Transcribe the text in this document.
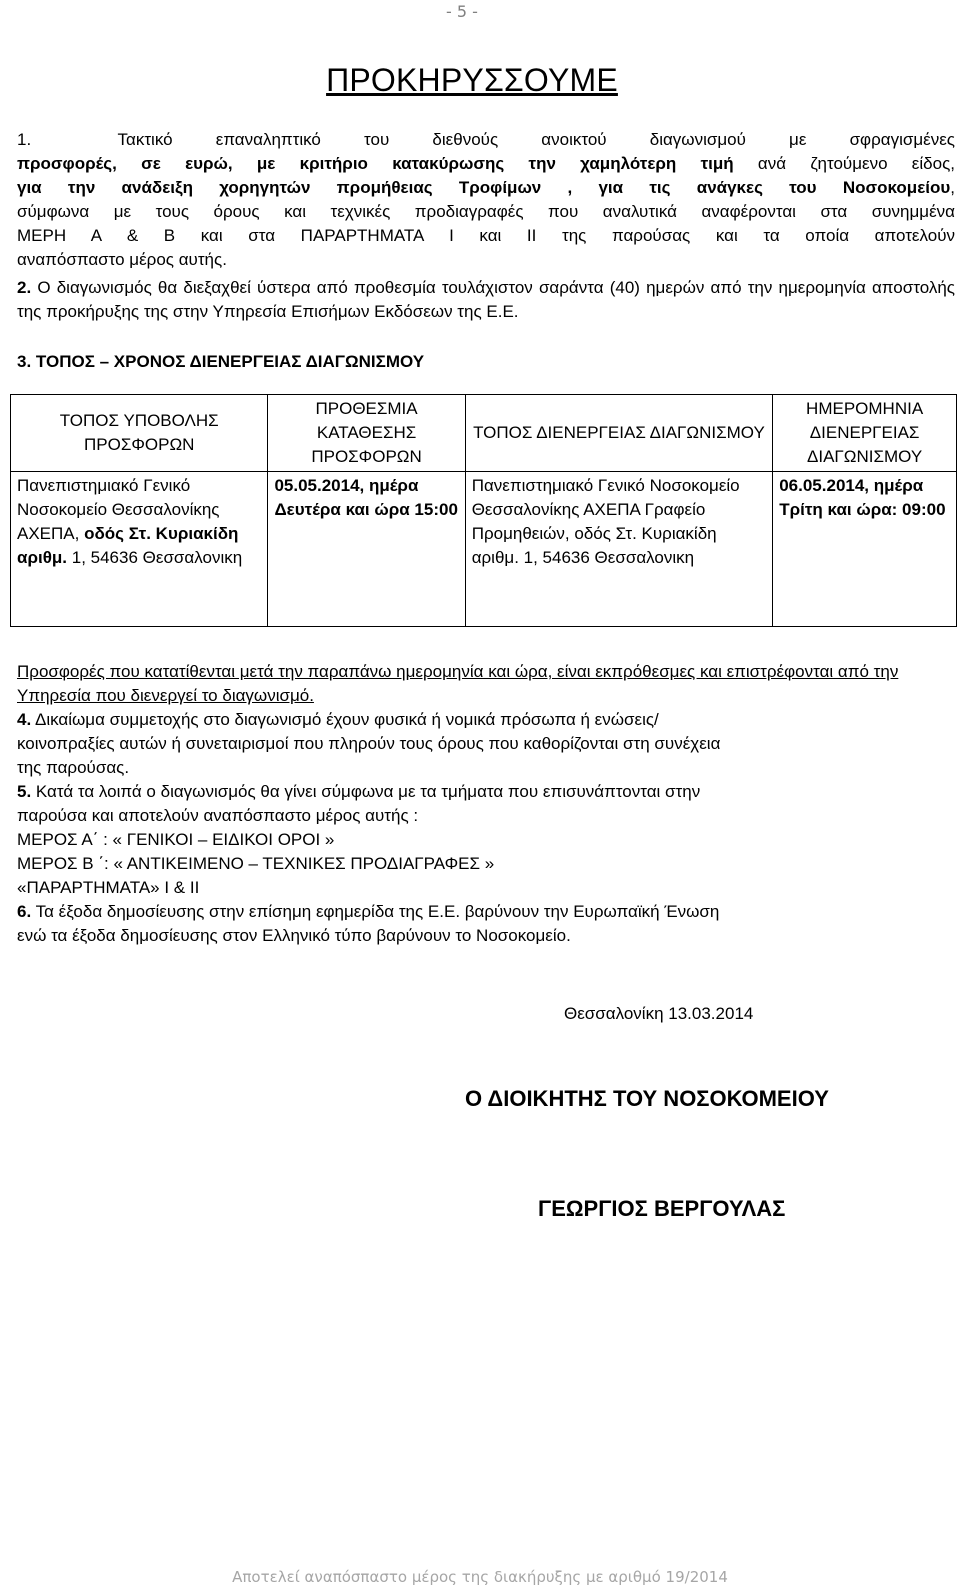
- 5 -
ΠΡΟΚΗΡΥΣΣΟΥΜΕ
1.	Τακτικό επαναληπτικό του διεθνούς ανοικτού διαγωνισμού με σφραγισμένες
προσφορές, σε ευρώ, με κριτήριο κατακύρωσης την χαμηλότερη τιμή ανά ζητούμενο είδος,
για την ανάδειξη χορηγητών προμήθειας Τροφίμων , για τις ανάγκες του Νοσοκομείου,
σύμφωνα με τους όρους και τεχνικές προδιαγραφές που αναλυτικά αναφέρονται στα συνημμένα
ΜΕΡΗ Α & Β και στα ΠΑΡΑΡΤΗΜΑΤΑ Ι και ΙΙ της παρούσας και τα οποία αποτελούν
αναπόσπαστο μέρος αυτής.
2. Ο διαγωνισμός θα διεξαχθεί ύστερα από προθεσμία τουλάχιστον σαράντα (40) ημερών από την ημερομηνία αποστολής της προκήρυξης της στην Υπηρεσία Επισήμων Εκδόσεων της Ε.Ε.
3. ΤΟΠΟΣ – ΧΡΟΝΟΣ ΔΙΕΝΕΡΓΕΙΑΣ ΔΙΑΓΩΝΙΣΜΟΥ
ΤΟΠΟΣ ΥΠΟΒΟΛΗΣ ΠΡΟΣΦΟΡΩΝ	ΠΡΟΘΕΣΜΙΑ ΚΑΤΑΘΕΣΗΣ ΠΡΟΣΦΟΡΩΝ	ΤΟΠΟΣ ΔΙΕΝΕΡΓΕΙΑΣ ΔΙΑΓΩΝΙΣΜΟΥ	ΗΜΕΡΟΜΗΝΙΑ ΔΙΕΝΕΡΓΕΙΑΣ ΔΙΑΓΩΝΙΣΜΟΥ
Πανεπιστημιακό Γενικό Νοσοκομείο Θεσσαλονίκης ΑΧΕΠΑ, οδός Στ. Κυριακίδη αριθμ. 1, 54636 Θεσσαλονικη	05.05.2014, ημέρα Δευτέρα και ώρα 15:00	Πανεπιστημιακό Γενικό Νοσοκομείο Θεσσαλονίκης ΑΧΕΠΑ Γραφείο Προμηθειών, οδός Στ. Κυριακίδη αριθμ. 1, 54636 Θεσσαλονικη	06.05.2014, ημέρα Τρίτη και ώρα: 09:00

Προσφορές που κατατίθενται μετά την παραπάνω ημερομηνία και ώρα, είναι εκπρόθεσμες και επιστρέφονται από την Υπηρεσία που διενεργεί το διαγωνισμό.

4. Δικαίωμα συμμετοχής στο διαγωνισμό έχουν φυσικά ή νομικά πρόσωπα ή ενώσεις/

κοινοπραξίες αυτών ή συνεταιρισμοί που πληρούν τους όρους που καθορίζονται στη συνέχεια

της παρούσας.

5. Κατά τα λοιπά ο διαγωνισμός θα γίνει σύμφωνα με τα τμήματα που επισυνάπτονται στην

παρούσα και αποτελούν αναπόσπαστο μέρος αυτής :

ΜΕΡΟΣ Α΄ : « ΓΕΝΙΚΟΙ – ΕΙΔΙΚΟΙ ΟΡΟΙ »

ΜΕΡΟΣ Β ΄: « ΑΝΤΙΚΕΙΜΕΝΟ – ΤΕΧΝΙΚΕΣ ΠΡΟΔΙΑΓΡΑΦΕΣ »

«ΠΑΡΑΡΤΗΜΑΤΑ» Ι & ΙΙ

6. Τα έξοδα δημοσίευσης στην επίσημη εφημερίδα της Ε.Ε. βαρύνουν την Ευρωπαϊκή Ένωση

ενώ τα έξοδα δημοσίευσης στον Ελληνικό τύπο βαρύνουν το Νοσοκομείο.

Θεσσαλονίκη 13.03.2014
Ο ΔΙΟΙΚΗΤΗΣ ΤΟΥ ΝΟΣΟΚΟΜΕΙΟΥ
ΓΕΩΡΓΙΟΣ ΒΕΡΓΟΥΛΑΣ
Αποτελεί αναπόσπαστο μέρος της διακήρυξης με αριθμό 19/2014
